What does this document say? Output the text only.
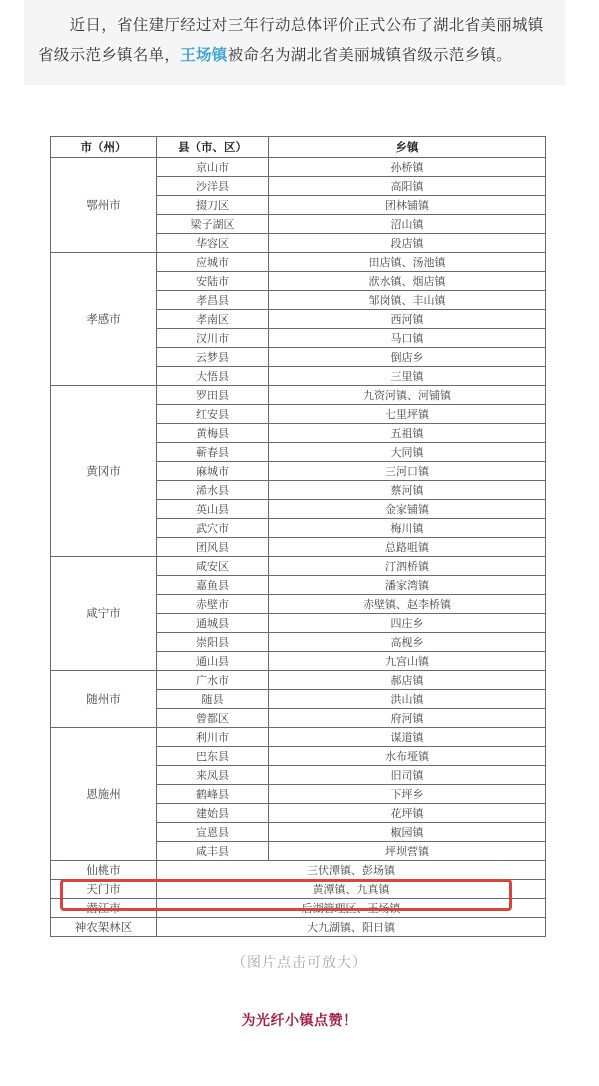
　　近日，省住建厅经过对三年行动总体评价正式公布了湖北省美丽城镇省级示范乡镇名单，王场镇被命名为湖北省美丽城镇省级示范乡镇。
市（州）	县（市、区）	乡镇
鄂州市	京山市	孙桥镇
	沙洋县	高阳镇
	掇刀区	团林铺镇
	梁子湖区	沼山镇
	华容区	段店镇
孝感市	应城市	田店镇、汤池镇
	安陆市	洑水镇、烟店镇
	孝昌县	邹岗镇、丰山镇
	孝南区	西河镇
	汉川市	马口镇
	云梦县	倒店乡
	大悟县	三里镇
黄冈市	罗田县	九资河镇、河铺镇
	红安县	七里坪镇
	黄梅县	五祖镇
	蕲春县	大同镇
	麻城市	三河口镇
	浠水县	蔡河镇
	英山县	金家铺镇
	武穴市	梅川镇
	团风县	总路咀镇
咸宁市	咸安区	汀泗桥镇
	嘉鱼县	潘家湾镇
	赤壁市	赤壁镇、赵李桥镇
	通城县	四庄乡
	崇阳县	高枧乡
	通山县	九宫山镇
随州市	广水市	郝店镇
	随县	洪山镇
	曾都区	府河镇
恩施州	利川市	谋道镇
	巴东县	水布垭镇
	来凤县	旧司镇
	鹤峰县	下坪乡
	建始县	花坪镇
	宣恩县	椒园镇
	咸丰县	坪坝营镇
仙桃市	三伏潭镇、彭场镇	
天门市	黄潭镇、九真镇	
潜江市	后湖管理区、王场镇	
神农架林区	大九湖镇、阳日镇	
（图片点击可放大）
为光纤小镇点赞！
